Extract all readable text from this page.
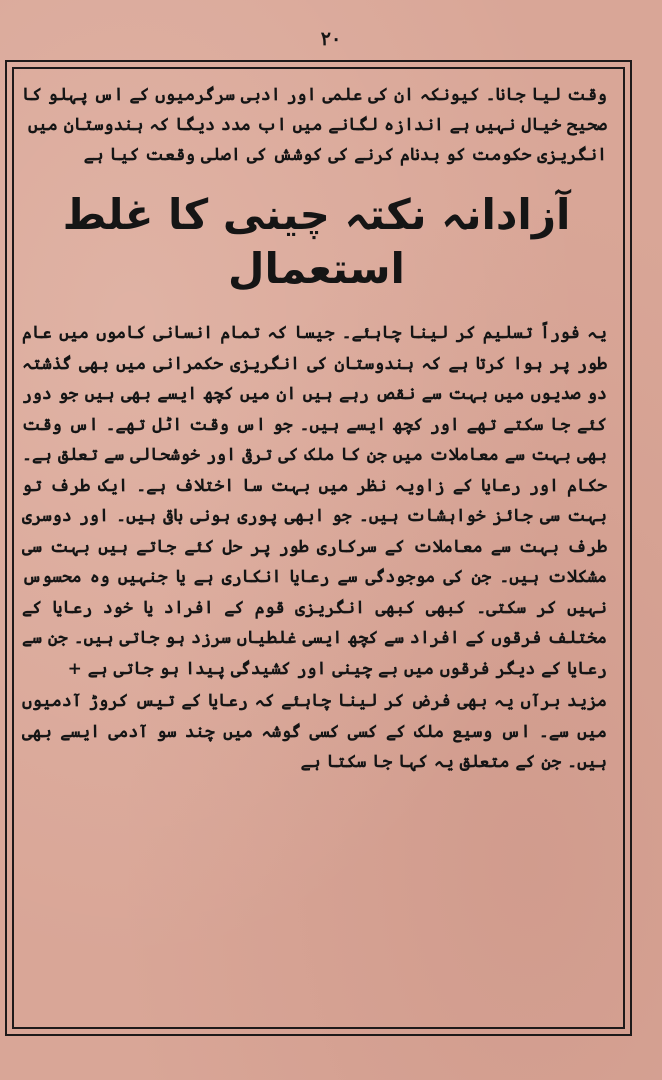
۲۰

وقت لیا جانا۔ کیونکہ ان کی علمی اور ادبی سرگرمیوں کے اس پہلو کا صحیح خیال نہیں ہے اندازہ لگانے میں اب مدد دیگا کہ ہندوستان میں انگریزی حکومت کو بدنام کرنے کی کوشش کی اصلی وقعت کیا ہے

آزادانہ نکتہ چینی کا غلط استعمال

یہ فوراً تسلیم کر لینا چاہئے۔ جیسا کہ تمام انسانی کاموں میں عام طور پر ہوا کرتا ہے کہ ہندوستان کی انگریزی حکمرانی میں بھی گذشتہ دو صدیوں میں بہت سے نقص رہے ہیں ان میں کچھ ایسے بھی ہیں جو دور کئے جا سکتے تھے اور کچھ ایسے ہیں۔ جو اس وقت اٹل تھے۔ اس وقت بھی بہت سے معاملات میں جن کا ملک کی ترقی اور خوشحالی سے تعلق ہے۔ حکام اور رعایا کے زاویہ نظر میں بہت سا اختلاف ہے۔ ایک طرف تو بہت سی جائز خواہشات ہیں۔ جو ابھی پوری ہونی باقی ہیں۔ اور دوسری طرف بہت سے معاملات کے سرکاری طور پر حل کئے جاتے ہیں بہت سی مشکلات ہیں۔ جن کی موجودگی سے رعایا انکاری ہے یا جنہیں وہ محسوس نہیں کر سکتی۔ کبھی کبھی انگریزی قوم کے افراد یا خود رعایا کے مختلف فرقوں کے افراد سے کچھ ایسی غلطیاں سرزد ہو جاتی ہیں۔ جن سے رعایا کے دیگر فرقوں میں بے چینی اور کشیدگی پیدا ہو جاتی ہے +

مزید برآں یہ بھی فرض کر لینا چاہئے کہ رعایا کے تیس کروڑ آدمیوں میں سے۔ اس وسیع ملک کے کسی کسی گوشہ میں چند سو آدمی ایسے بھی ہیں۔ جن کے متعلق یہ کہا جا سکتا ہے
